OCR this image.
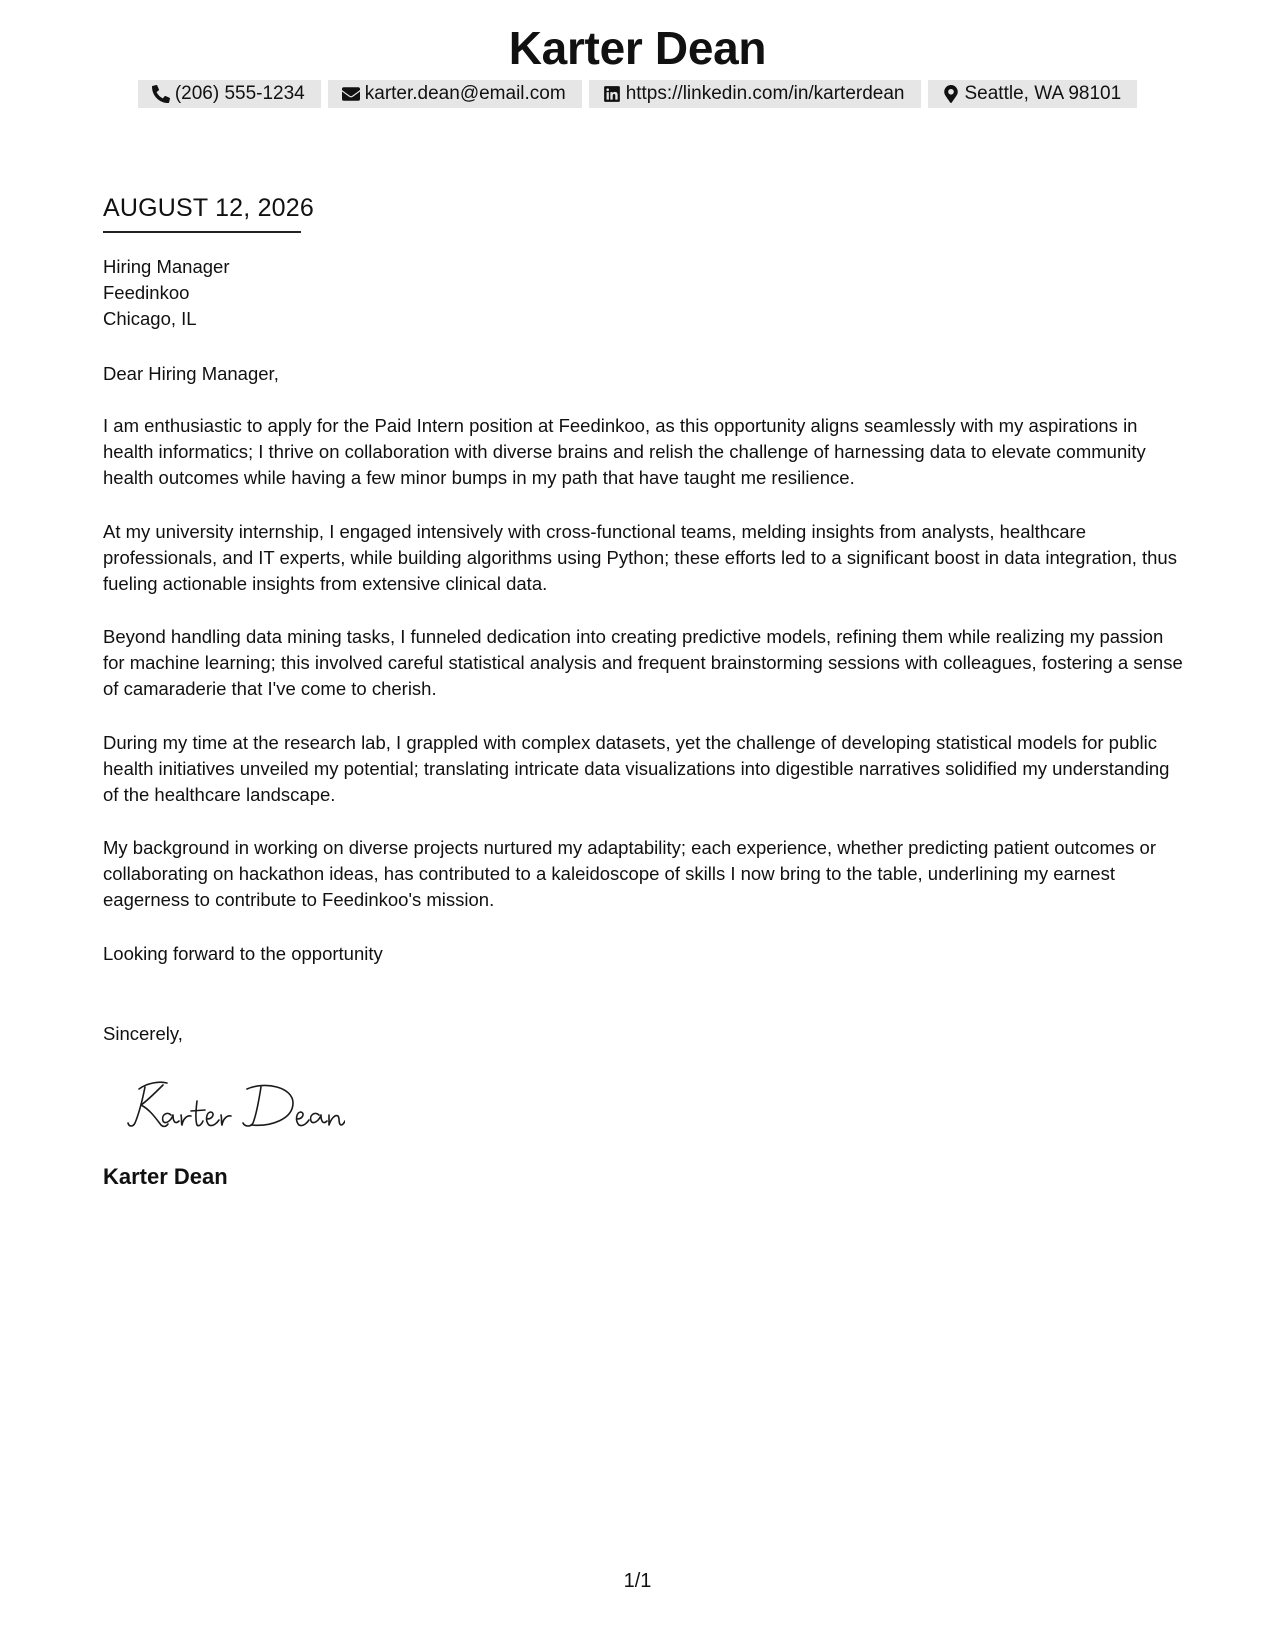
Karter Dean
(206) 555-1234	karter.dean@email.com	https://linkedin.com/in/karterdean	Seattle, WA 98101
AUGUST 12, 2026
Hiring Manager
Feedinkoo
Chicago, IL
Dear Hiring Manager,

I am enthusiastic to apply for the Paid Intern position at Feedinkoo, as this opportunity aligns seamlessly with my aspirations in health informatics; I thrive on collaboration with diverse brains and relish the challenge of harnessing data to elevate community health outcomes while having a few minor bumps in my path that have taught me resilience.

At my university internship, I engaged intensively with cross-functional teams, melding insights from analysts, healthcare professionals, and IT experts, while building algorithms using Python; these efforts led to a significant boost in data integration, thus fueling actionable insights from extensive clinical data.

Beyond handling data mining tasks, I funneled dedication into creating predictive models, refining them while realizing my passion for machine learning; this involved careful statistical analysis and frequent brainstorming sessions with colleagues, fostering a sense of camaraderie that I've come to cherish.

During my time at the research lab, I grappled with complex datasets, yet the challenge of developing statistical models for public health initiatives unveiled my potential; translating intricate data visualizations into digestible narratives solidified my understanding of the healthcare landscape.

My background in working on diverse projects nurtured my adaptability; each experience, whether predicting patient outcomes or collaborating on hackathon ideas, has contributed to a kaleidoscope of skills I now bring to the table, underlining my earnest eagerness to contribute to Feedinkoo's mission.

Looking forward to the opportunity
Sincerely,
Karter Dean
1/1
